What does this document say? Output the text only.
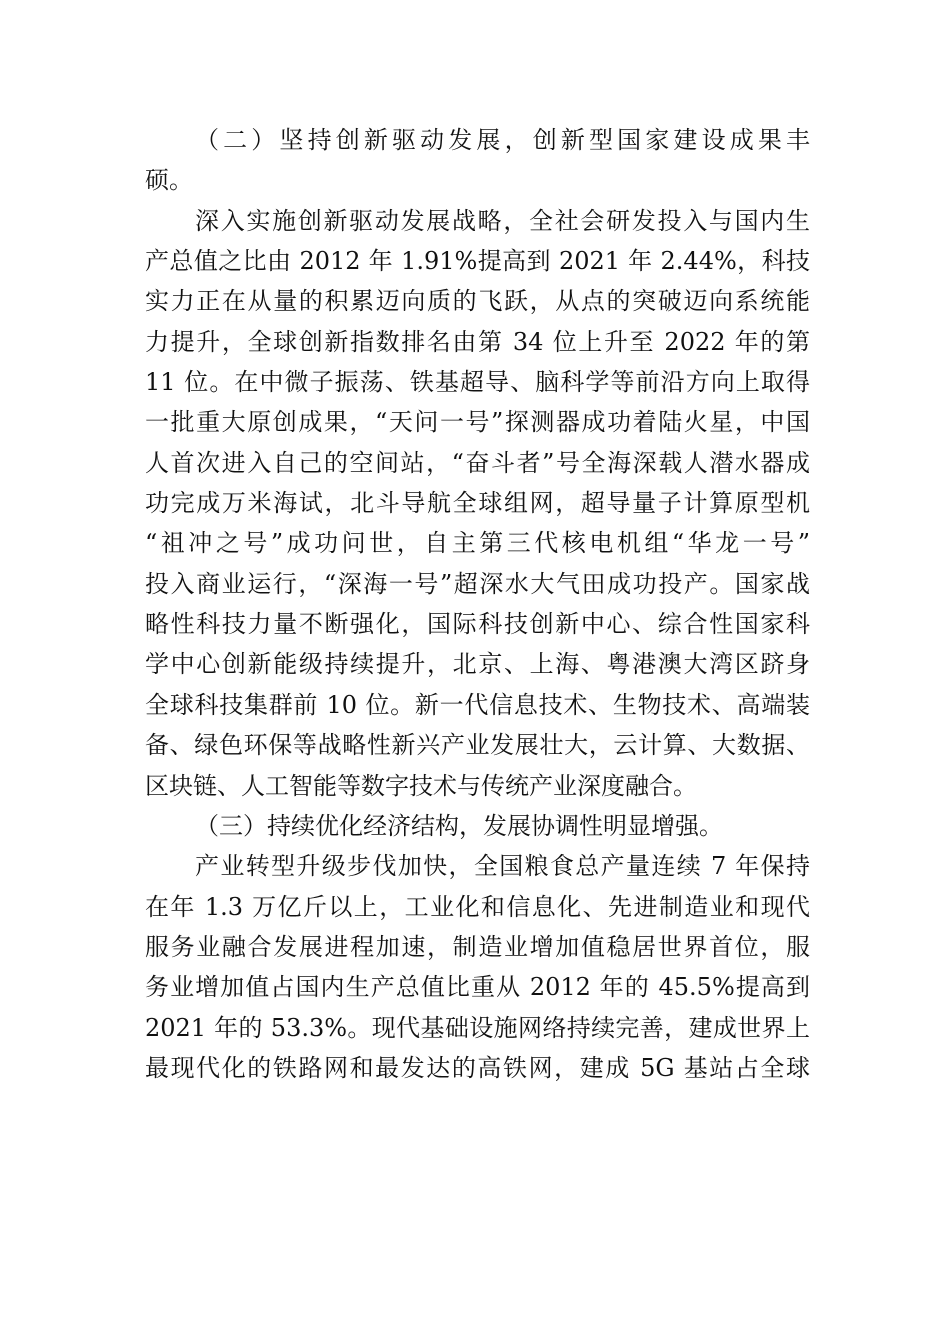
（二）坚持创新驱动发展，创新型国家建设成果丰
硕。
深入实施创新驱动发展战略，全社会研发投入与国内生
产总值之比由 2012 年 1.91%提高到 2021 年 2.44%，科技
实力正在从量的积累迈向质的飞跃，从点的突破迈向系统能
力提升，全球创新指数排名由第 34 位上升至 2022 年的第
11 位。在中微子振荡、铁基超导、脑科学等前沿方向上取得
一批重大原创成果，“天问一号”探测器成功着陆火星，中国
人首次进入自己的空间站，“奋斗者”号全海深载人潜水器成
功完成万米海试，北斗导航全球组网，超导量子计算原型机
“祖冲之号”成功问世，自主第三代核电机组“华龙一号”
投入商业运行，“深海一号”超深水大气田成功投产。国家战
略性科技力量不断强化，国际科技创新中心、综合性国家科
学中心创新能级持续提升，北京、上海、粤港澳大湾区跻身
全球科技集群前 10 位。新一代信息技术、生物技术、高端装
备、绿色环保等战略性新兴产业发展壮大，云计算、大数据、
区块链、人工智能等数字技术与传统产业深度融合。
（三）持续优化经济结构，发展协调性明显增强。
产业转型升级步伐加快，全国粮食总产量连续 7 年保持
在年 1.3 万亿斤以上，工业化和信息化、先进制造业和现代
服务业融合发展进程加速，制造业增加值稳居世界首位，服
务业增加值占国内生产总值比重从 2012 年的 45.5%提高到
2021 年的 53.3%。现代基础设施网络持续完善，建成世界上
最现代化的铁路网和最发达的高铁网，建成 5G 基站占全球
